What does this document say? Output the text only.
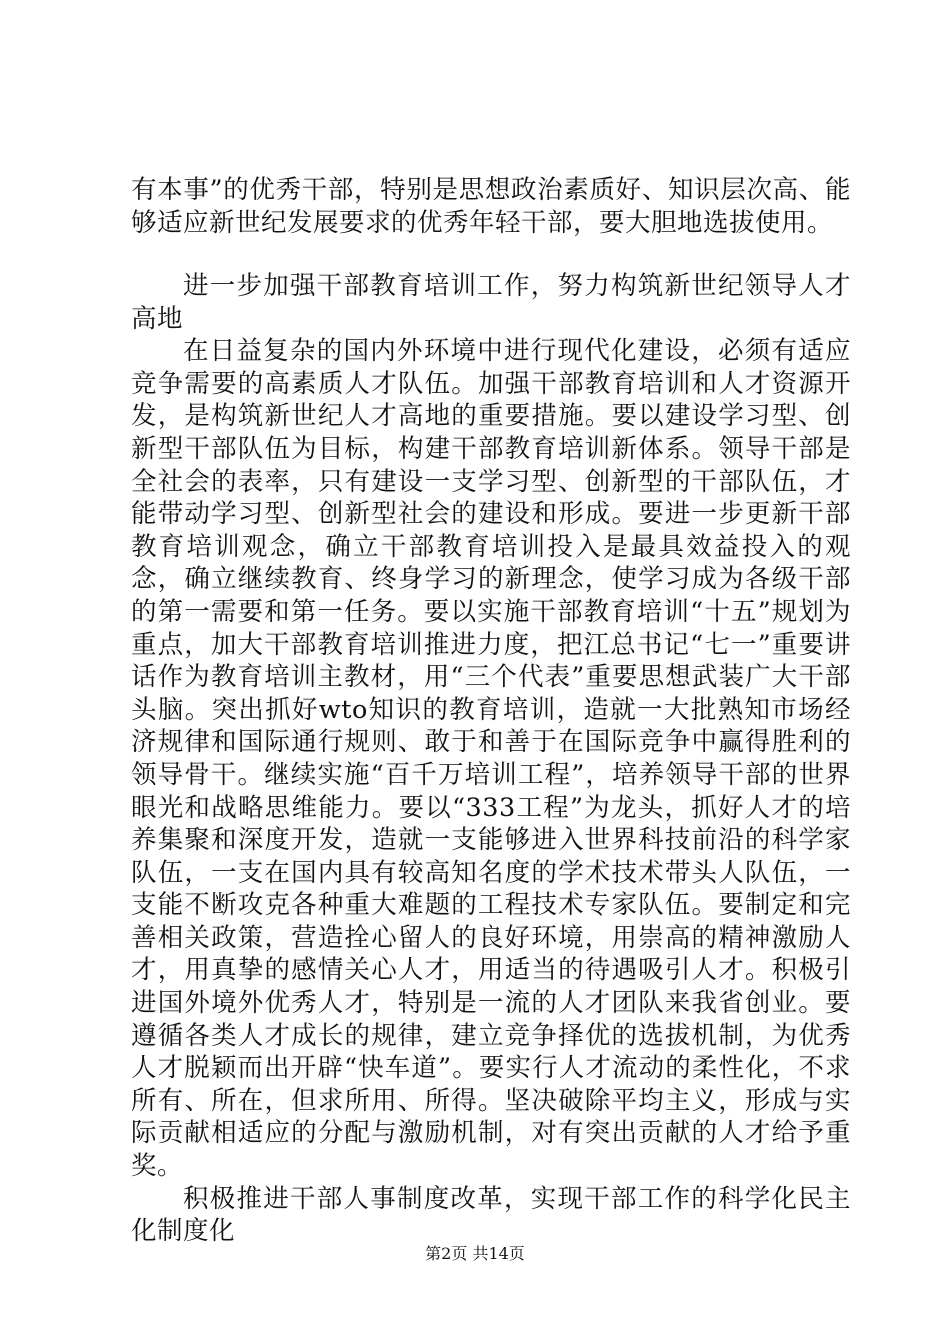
有本事”的优秀干部，特别是思想政治素质好、知识层次高、能够适应新世纪发展要求的优秀年轻干部，要大胆地选拔使用。

进一步加强干部教育培训工作，努力构筑新世纪领导人才高地

在日益复杂的国内外环境中进行现代化建设，必须有适应竞争需要的高素质人才队伍。加强干部教育培训和人才资源开发，是构筑新世纪人才高地的重要措施。要以建设学习型、创新型干部队伍为目标，构建干部教育培训新体系。领导干部是全社会的表率，只有建设一支学习型、创新型的干部队伍，才能带动学习型、创新型社会的建设和形成。要进一步更新干部教育培训观念，确立干部教育培训投入是最具效益投入的观念，确立继续教育、终身学习的新理念，使学习成为各级干部的第一需要和第一任务。要以实施干部教育培训“十五”规划为重点，加大干部教育培训推进力度，把江总书记“七一”重要讲话作为教育培训主教材，用“三个代表”重要思想武装广大干部头脑。突出抓好wto知识的教育培训，造就一大批熟知市场经济规律和国际通行规则、敢于和善于在国际竞争中赢得胜利的领导骨干。继续实施“百千万培训工程”，培养领导干部的世界眼光和战略思维能力。要以“333工程”为龙头，抓好人才的培养集聚和深度开发，造就一支能够进入世界科技前沿的科学家队伍，一支在国内具有较高知名度的学术技术带头人队伍，一支能不断攻克各种重大难题的工程技术专家队伍。要制定和完善相关政策，营造拴心留人的良好环境，用崇高的精神激励人才，用真挚的感情关心人才，用适当的待遇吸引人才。积极引进国外境外优秀人才，特别是一流的人才团队来我省创业。要遵循各类人才成长的规律，建立竞争择优的选拔机制，为优秀人才脱颖而出开辟“快车道”。要实行人才流动的柔性化，不求所有、所在，但求所用、所得。坚决破除平均主义，形成与实际贡献相适应的分配与激励机制，对有突出贡献的人才给予重奖。

积极推进干部人事制度改革，实现干部工作的科学化民主化制度化

第2页 共14页
